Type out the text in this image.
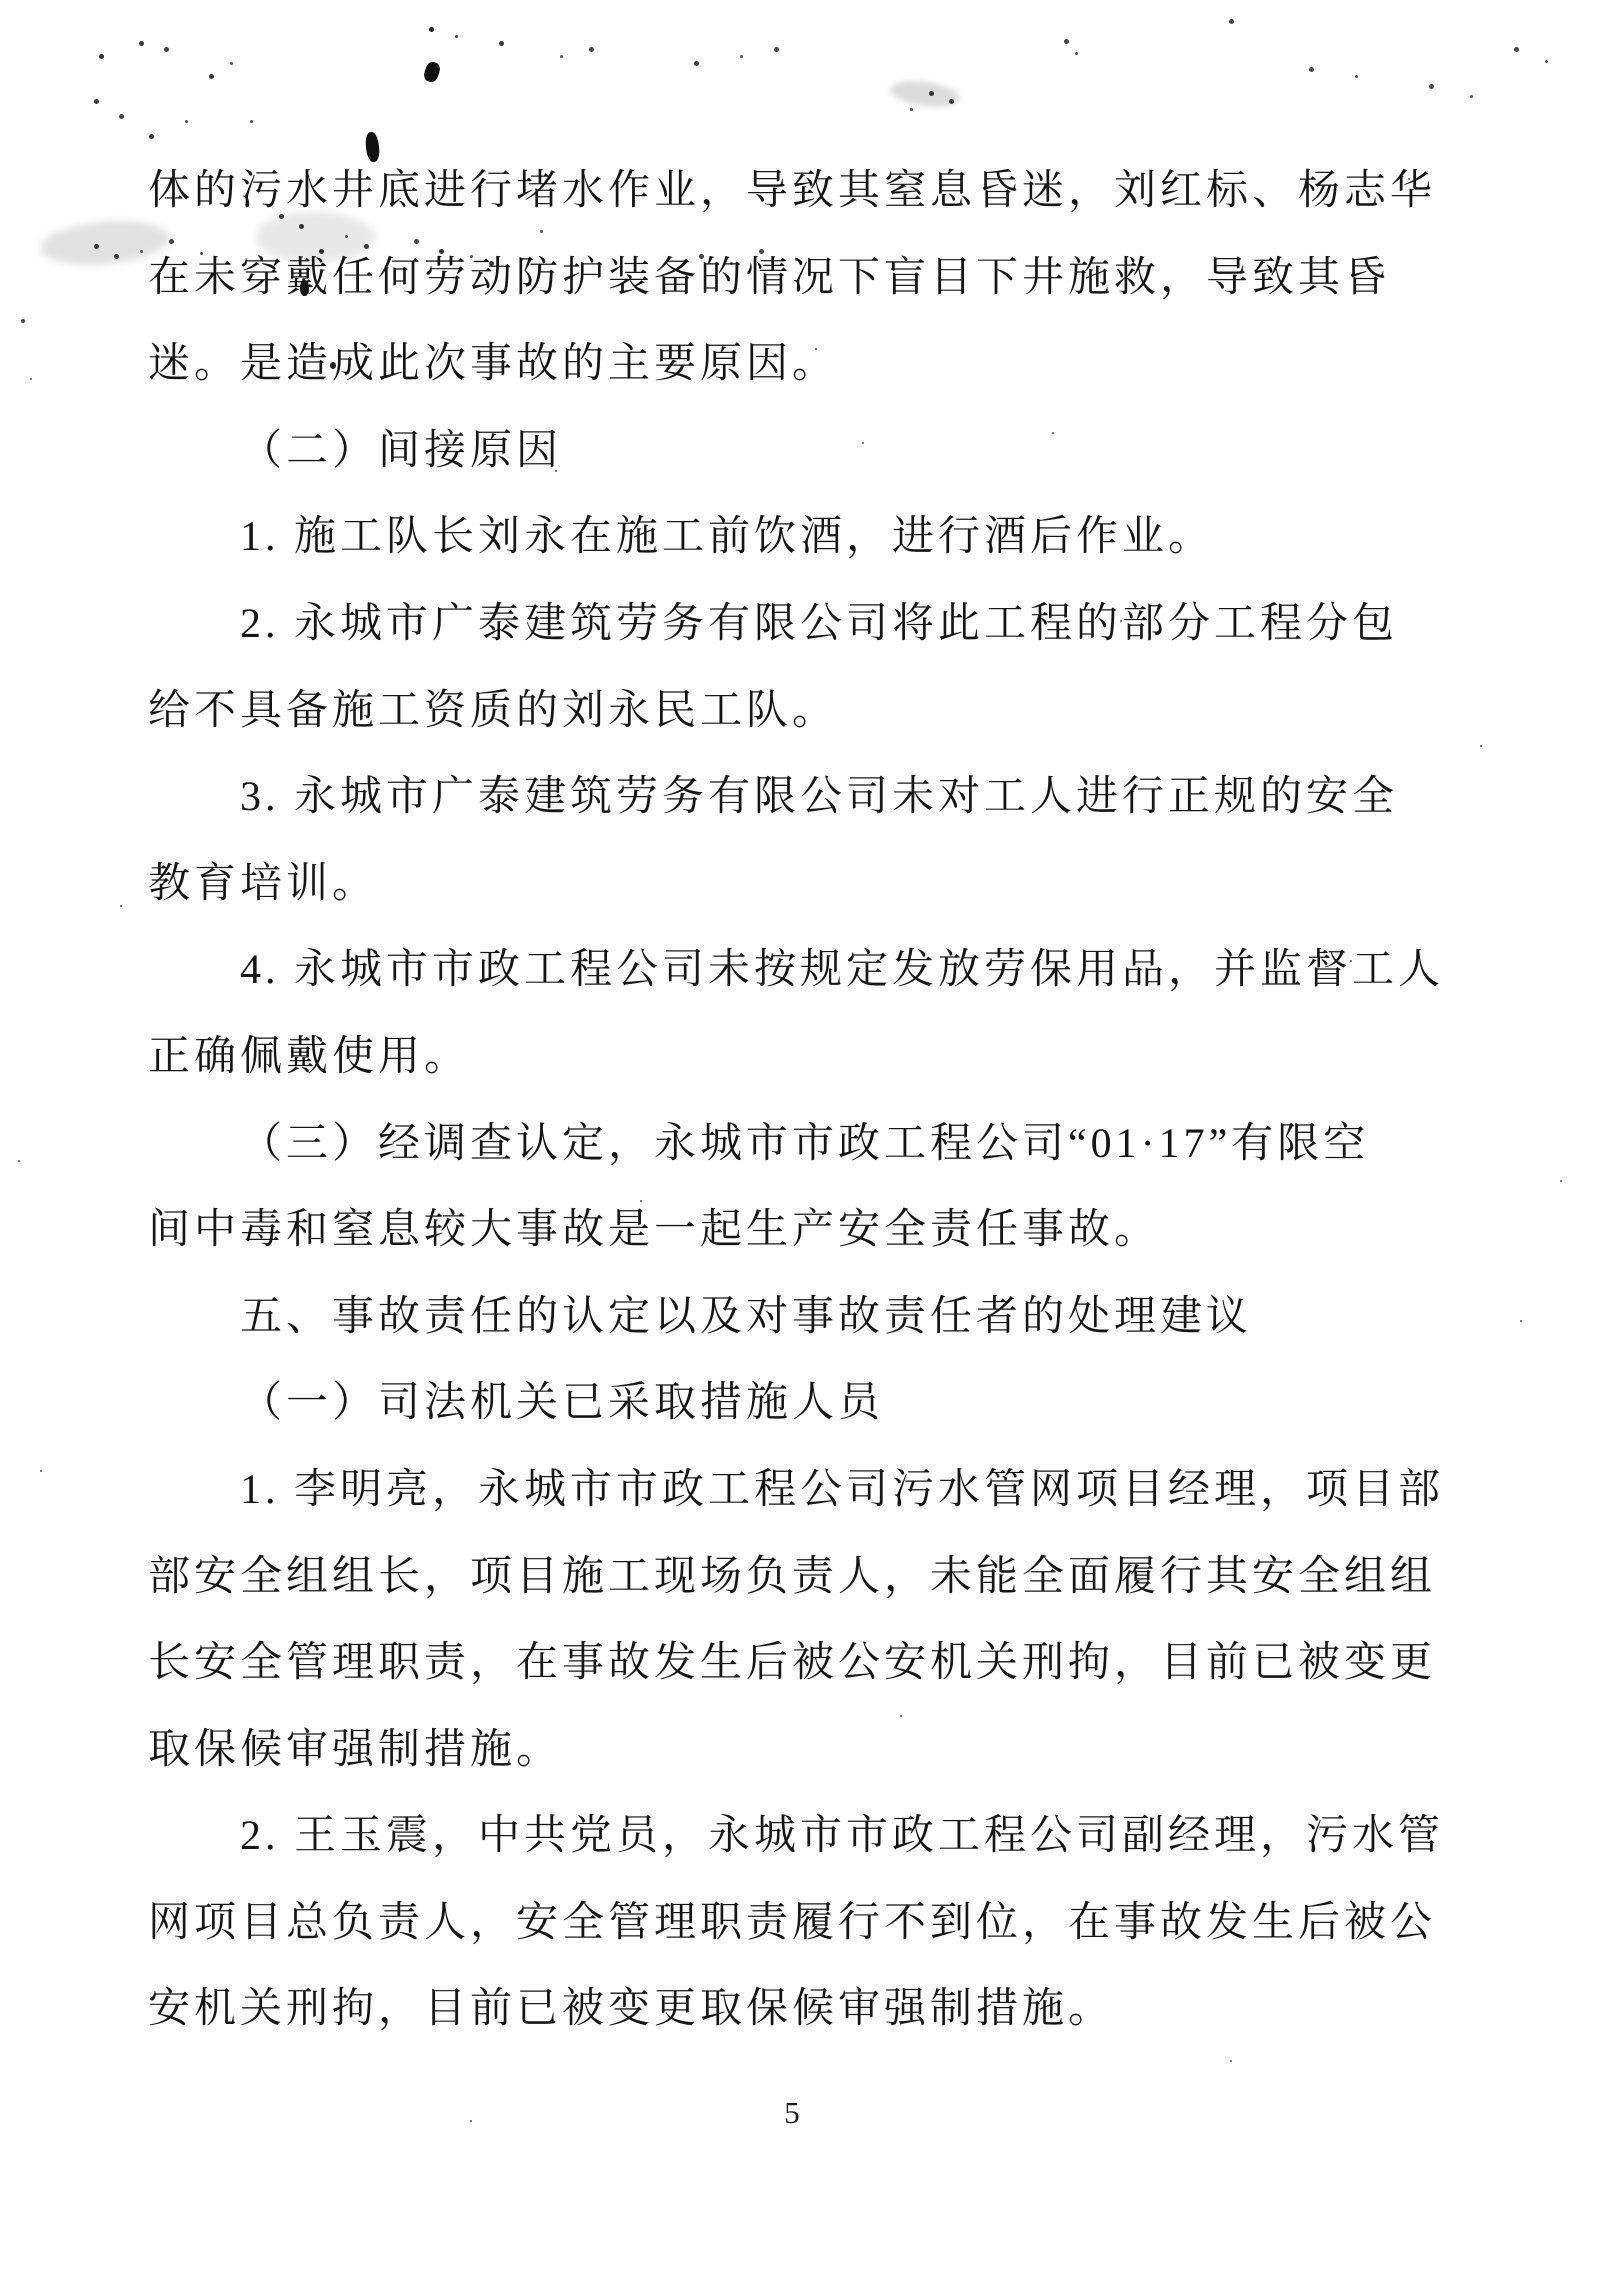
体的污水井底进行堵水作业，导致其窒息昏迷，刘红标、杨志华
在未穿戴任何劳动防护装备的情况下盲目下井施救，导致其昏
迷。是造成此次事故的主要原因。
（二）间接原因
1. 施工队长刘永在施工前饮酒，进行酒后作业。
2. 永城市广泰建筑劳务有限公司将此工程的部分工程分包
给不具备施工资质的刘永民工队。
3. 永城市广泰建筑劳务有限公司未对工人进行正规的安全
教育培训。
4. 永城市市政工程公司未按规定发放劳保用品，并监督工人
正确佩戴使用。
（三）经调查认定，永城市市政工程公司“01·17”有限空
间中毒和窒息较大事故是一起生产安全责任事故。
五、事故责任的认定以及对事故责任者的处理建议
（一）司法机关已采取措施人员
1. 李明亮，永城市市政工程公司污水管网项目经理，项目部
部安全组组长，项目施工现场负责人，未能全面履行其安全组组
长安全管理职责，在事故发生后被公安机关刑拘，目前已被变更
取保候审强制措施。
2. 王玉震，中共党员，永城市市政工程公司副经理，污水管
网项目总负责人，安全管理职责履行不到位，在事故发生后被公
安机关刑拘，目前已被变更取保候审强制措施。
5
